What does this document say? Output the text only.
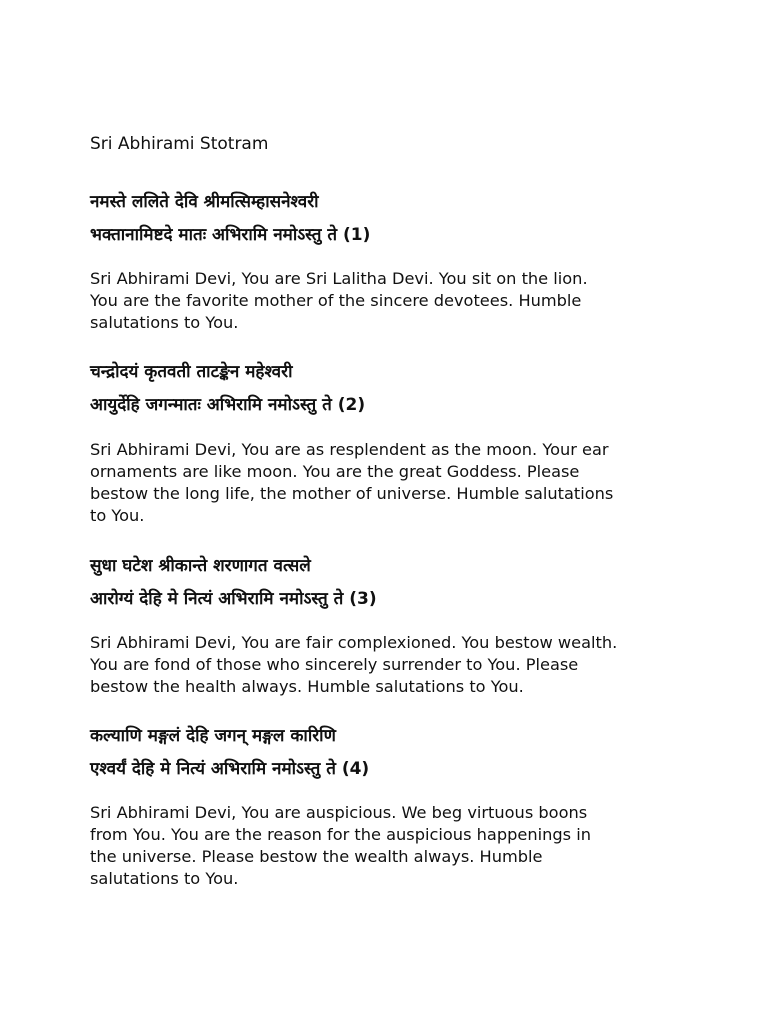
Sri Abhirami Stotram
नमस्ते ललिते देवि श्रीमत्सिम्हासनेश्वरी
भक्तानामिष्टदे मातः अभिरामि नमोऽस्तु ते (1)
Sri Abhirami Devi, You are Sri Lalitha Devi. You sit on the lion.
You are the favorite mother of the sincere devotees. Humble
salutations to You.
चन्द्रोदयं कृतवती ताटङ्केन महेश्वरी
आयुर्देहि जगन्मातः अभिरामि नमोऽस्तु ते (2)
Sri Abhirami Devi, You are as resplendent as the moon. Your ear
ornaments are like moon. You are the great Goddess. Please
bestow the long life, the mother of universe. Humble salutations
to You.
सुधा घटेश श्रीकान्ते शरणागत वत्सले
आरोग्यं देहि मे नित्यं अभिरामि नमोऽस्तु ते (3)
Sri Abhirami Devi, You are fair complexioned. You bestow wealth.
You are fond of those who sincerely surrender to You. Please
bestow the health always. Humble salutations to You.
कल्याणि मङ्गलं देहि जगन् मङ्गल कारिणि
एश्वर्यं देहि मे नित्यं अभिरामि नमोऽस्तु ते (4)
Sri Abhirami Devi, You are auspicious. We beg virtuous boons
from You. You are the reason for the auspicious happenings in
the universe. Please bestow the wealth always. Humble
salutations to You.
